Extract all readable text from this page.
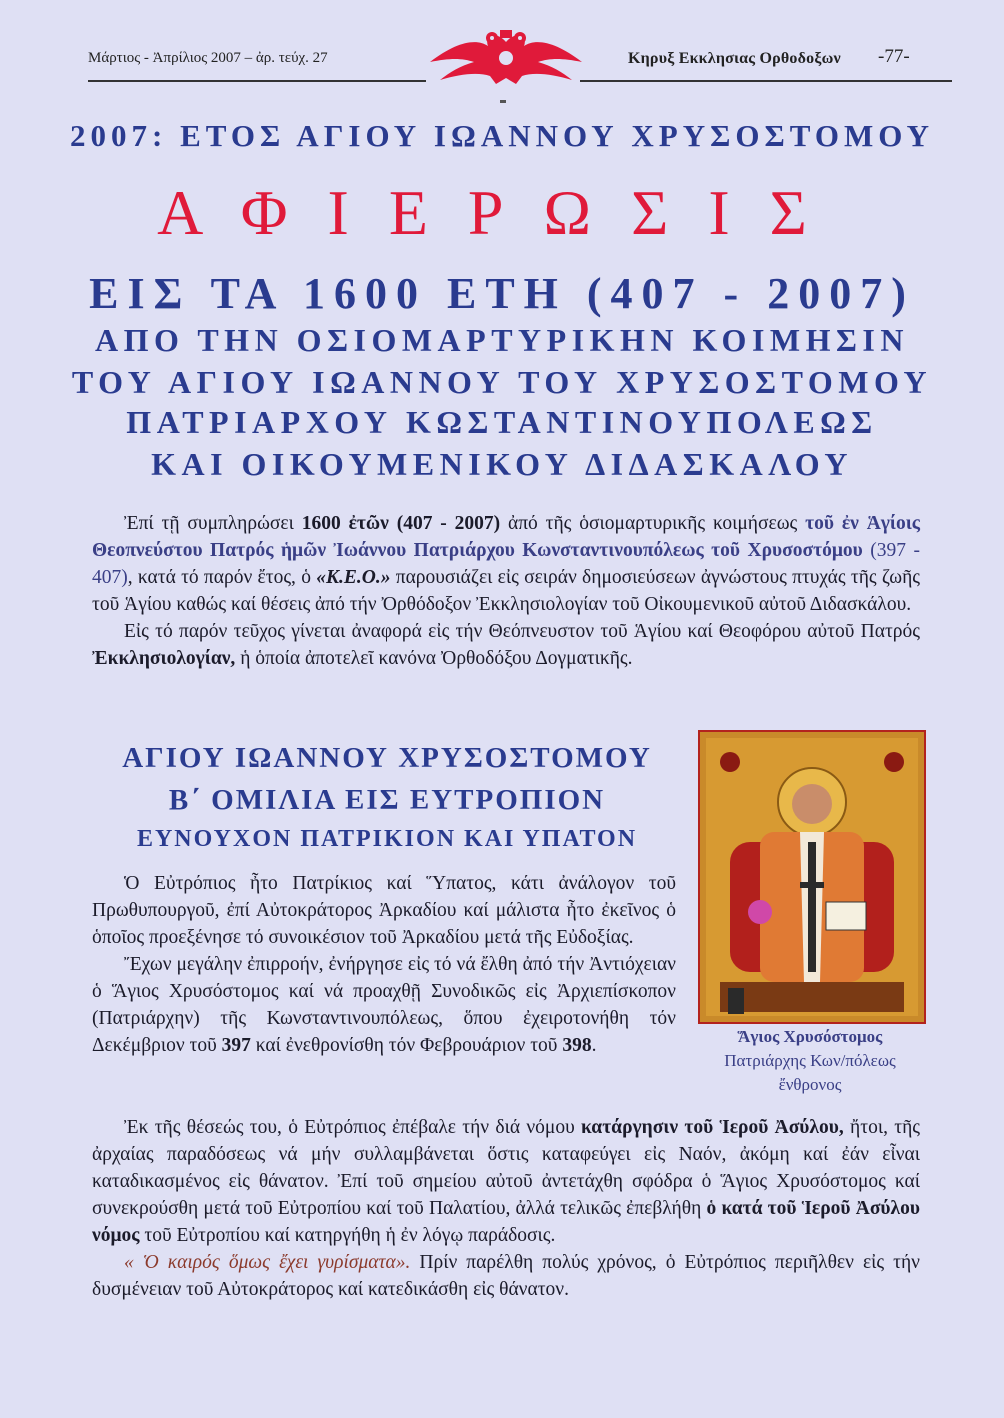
Μάρτιος - Ἀπρίλιος 2007 – ἀρ. τεύχ. 27	Κηρυξ Εκκλησιας Ορθοδοξων -77-
2007: ΕΤΟΣ ΑΓΙΟΥ ΙΩΑΝΝΟΥ ΧΡΥΣΟΣΤΟΜΟΥ
ΑΦΙΕΡΩΣΙΣ
ΕΙΣ ΤΑ 1600 ΕΤΗ (407 - 2007)
ΑΠΟ ΤΗΝ ΟΣΙΟΜΑΡΤΥΡΙΚΗΝ ΚΟΙΜΗΣΙΝ
ΤΟΥ ΑΓΙΟΥ ΙΩΑΝΝΟΥ ΤΟΥ ΧΡΥΣΟΣΤΟΜΟΥ
ΠΑΤΡΙΑΡΧΟΥ ΚΩΣΤΑΝΤΙΝΟΥΠΟΛΕΩΣ
ΚΑΙ ΟΙΚΟΥΜΕΝΙΚΟΥ ΔΙΔΑΣΚΑΛΟΥ

Ἐπί τῇ συμπληρώσει 1600 ἐτῶν (407 - 2007) ἀπό τῆς ὁσιομαρτυρικῆς κοιμήσεως τοῦ ἐν Ἁγίοις Θεοπνεύστου Πατρός ἡμῶν Ἰωάννου Πατριάρχου Κωνσταντινουπόλεως τοῦ Χρυσοστόμου (397 - 407), κατά τό παρόν ἔτος, ὁ «Κ.Ε.Ο.» παρουσιάζει εἰς σειράν δημοσιεύσεων ἀγνώστους πτυχάς τῆς ζωῆς τοῦ Ἁγίου καθώς καί θέσεις ἀπό τήν Ὀρθόδοξον Ἐκκλησιολογίαν τοῦ Οἰκουμενικοῦ αὐτοῦ Διδασκάλου.

Εἰς τό παρόν τεῦχος γίνεται ἀναφορά εἰς τήν Θεόπνευστον τοῦ Ἁγίου καί Θεοφόρου αὐτοῦ Πατρός Ἐκκλησιολογίαν, ἡ ὁποία ἀποτελεῖ κανόνα Ὀρθοδόξου Δογματικῆς.

ΑΓΙΟΥ ΙΩΑΝΝΟΥ ΧΡΥΣΟΣΤΟΜΟΥ
Β΄ ΟΜΙΛΙΑ ΕΙΣ ΕΥΤΡΟΠΙΟΝ
ΕΥΝΟΥΧΟΝ ΠΑΤΡΙΚΙΟΝ ΚΑΙ ΥΠΑΤΟΝ

Ὁ Εὐτρόπιος ἦτο Πατρίκιος καί Ὕπατος, κάτι ἀνάλογον τοῦ Πρωθυπουργοῦ, ἐπί Αὐτοκράτορος Ἀρκαδίου καί μάλιστα ἦτο ἐκεῖνος ὁ ὁποῖος προεξένησε τό συνοικέσιον τοῦ Ἀρκαδίου μετά τῆς Εὐδοξίας.

Ἔχων μεγάλην ἐπιρροήν, ἐνήργησε εἰς τό νά ἔλθη ἀπό τήν Ἀντιόχειαν ὁ Ἅγιος Χρυσόστομος καί νά προαχθῇ Συνοδικῶς εἰς Ἀρχιεπίσκοπον (Πατριάρχην) τῆς Κωνσταντινουπόλεως, ὅπου ἐχειροτονήθη τόν Δεκέμβριον τοῦ 397 καί ἐνεθρονίσθη τόν Φεβρουάριον τοῦ 398.

Ἐκ τῆς θέσεώς του, ὁ Εὐτρόπιος ἐπέβαλε τήν διά νόμου κατάργησιν τοῦ Ἱεροῦ Ἀσύλου, ἤτοι, τῆς ἀρχαίας παραδόσεως νά μήν συλλαμβάνεται ὅστις καταφεύγει εἰς Ναόν, ἀκόμη καί ἐάν εἶναι καταδικασμένος εἰς θάνατον. Ἐπί τοῦ σημείου αὐτοῦ ἀντετάχθη σφόδρα ὁ Ἅγιος Χρυσόστομος καί συνεκρούσθη μετά τοῦ Εὐτροπίου καί τοῦ Παλατίου, ἀλλά τελικῶς ἐπεβλήθη ὁ κατά τοῦ Ἱεροῦ Ἀσύλου νόμος τοῦ Εὐτροπίου καί κατηργήθη ἡ ἐν λόγῳ παράδοσις.

« Ὁ καιρός ὅμως ἔχει γυρίσματα». Πρίν παρέλθη πολύς χρόνος, ὁ Εὐτρόπιος περιῆλθεν εἰς τήν δυσμένειαν τοῦ Αὐτοκράτορος καί κατεδικάσθη εἰς θάνατον.

Ἅγιος Χρυσόστομος
Πατριάρχης Κων/πόλεως
ἔνθρονος
